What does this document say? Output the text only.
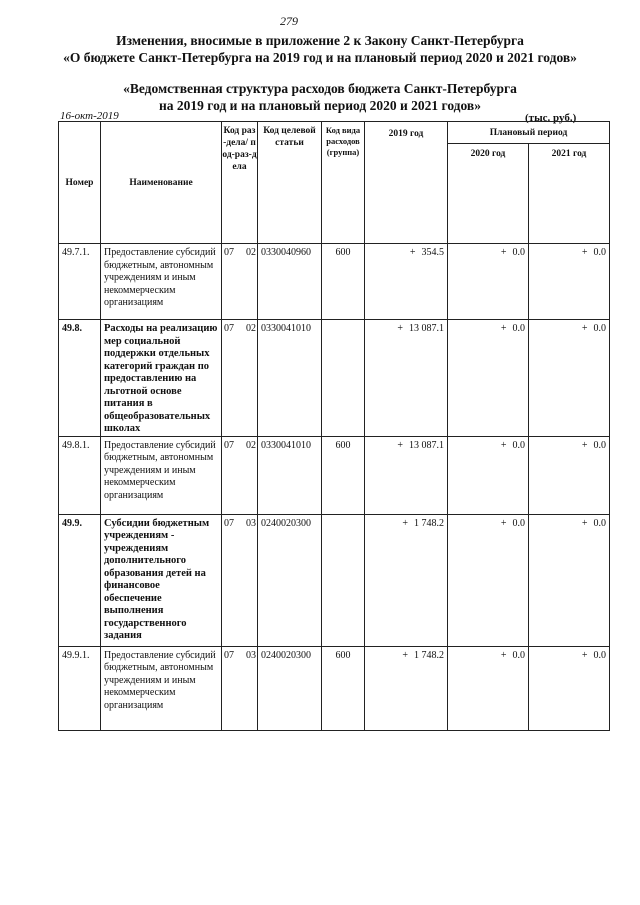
279
Изменения, вносимые в приложение 2 к Закону Санкт-Петербурга
«О бюджете Санкт-Петербурга на 2019 год и на плановый период 2020 и 2021 годов»
«Ведомственная структура расходов бюджета Санкт-Петербурга
на 2019 год и на плановый период 2020 и 2021 годов»
16-окт-2019	(тыс. руб.)
Номер	Наименование	Код раз-дела/ под-раз-дела	Код целевой статьи	Код вида расходов (группа)	2019 год	Плановый период	
						2020 год	2021 год
49.7.1.	Предоставление субсидий бюджетным, автономным учреждениям и иным некоммерческим организациям	07 02	0330040960	600	+ 354.5	+ 0.0	+ 0.0
49.8.	Расходы на реализацию мер социальной поддержки отдельных категорий граждан по предоставлению на льготной основе питания в общеобразовательных школах	07 02	0330041010		+ 13 087.1	+ 0.0	+ 0.0
49.8.1.	Предоставление субсидий бюджетным, автономным учреждениям и иным некоммерческим организациям	07 02	0330041010	600	+ 13 087.1	+ 0.0	+ 0.0
49.9.	Субсидии бюджетным учреждениям - учреждениям дополнительного образования детей на финансовое обеспечение выполнения государственного задания	07 03	0240020300		+ 1 748.2	+ 0.0	+ 0.0
49.9.1.	Предоставление субсидий бюджетным, автономным учреждениям и иным некоммерческим организациям	07 03	0240020300	600	+ 1 748.2	+ 0.0	+ 0.0
